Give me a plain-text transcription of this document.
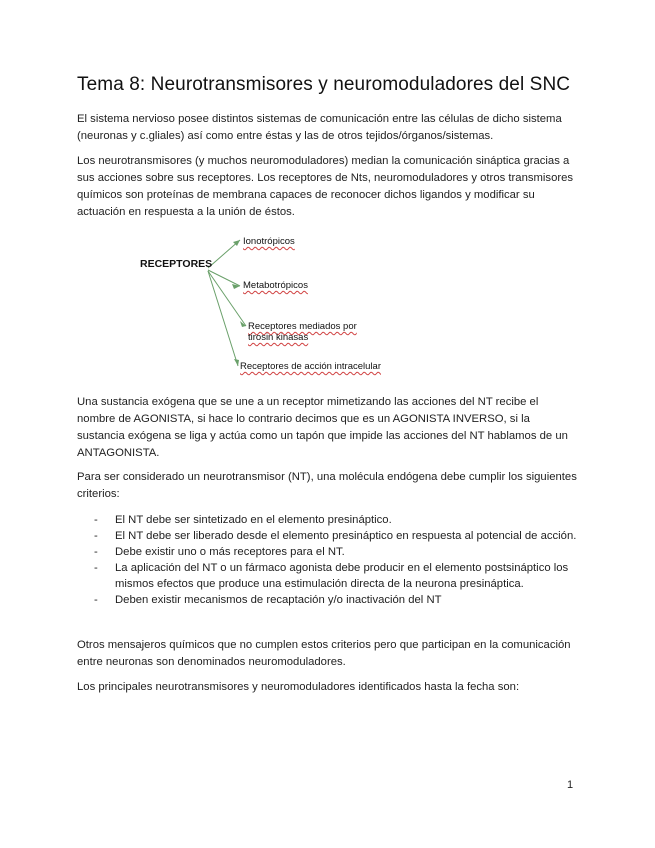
Tema 8: Neurotransmisores y neuromoduladores del SNC

El sistema nervioso posee distintos sistemas de comunicación entre las células de dicho sistema (neuronas y c.gliales) así como entre éstas y las de otros tejidos/órganos/sistemas.

Los neurotransmisores (y muchos neuromoduladores) median la comunicación sináptica gracias a sus acciones sobre sus receptores. Los receptores de Nts, neuromoduladores y otros transmisores químicos son proteínas de membrana capaces de reconocer dichos ligandos y modificar su actuación en respuesta a la unión de éstos.

RECEPTORES
Ionotrópicos
Metabotrópicos
Receptores mediados por tirosin kinasas
Receptores de acción intracelular

Una sustancia exógena que se une a un receptor mimetizando las acciones del NT recibe el nombre de AGONISTA, si hace lo contrario decimos que es un AGONISTA INVERSO, si la sustancia exógena se liga y actúa como un tapón que impide las acciones del NT hablamos de un ANTAGONISTA.

Para ser considerado un neurotransmisor (NT), una molécula endógena debe cumplir los siguientes criterios:

- El NT debe ser sintetizado en el elemento presináptico.
- El NT debe ser liberado desde el elemento presináptico en respuesta al potencial de acción.
- Debe existir uno o más receptores para el NT.
- La aplicación del NT o un fármaco agonista debe producir en el elemento postsináptico los mismos efectos que produce una estimulación directa de la neurona presináptica.
- Deben existir mecanismos de recaptación y/o inactivación del NT

Otros mensajeros químicos que no cumplen estos criterios pero que participan en la comunicación entre neuronas son denominados neuromoduladores.

Los principales neurotransmisores y neuromoduladores identificados hasta la fecha son:

1
